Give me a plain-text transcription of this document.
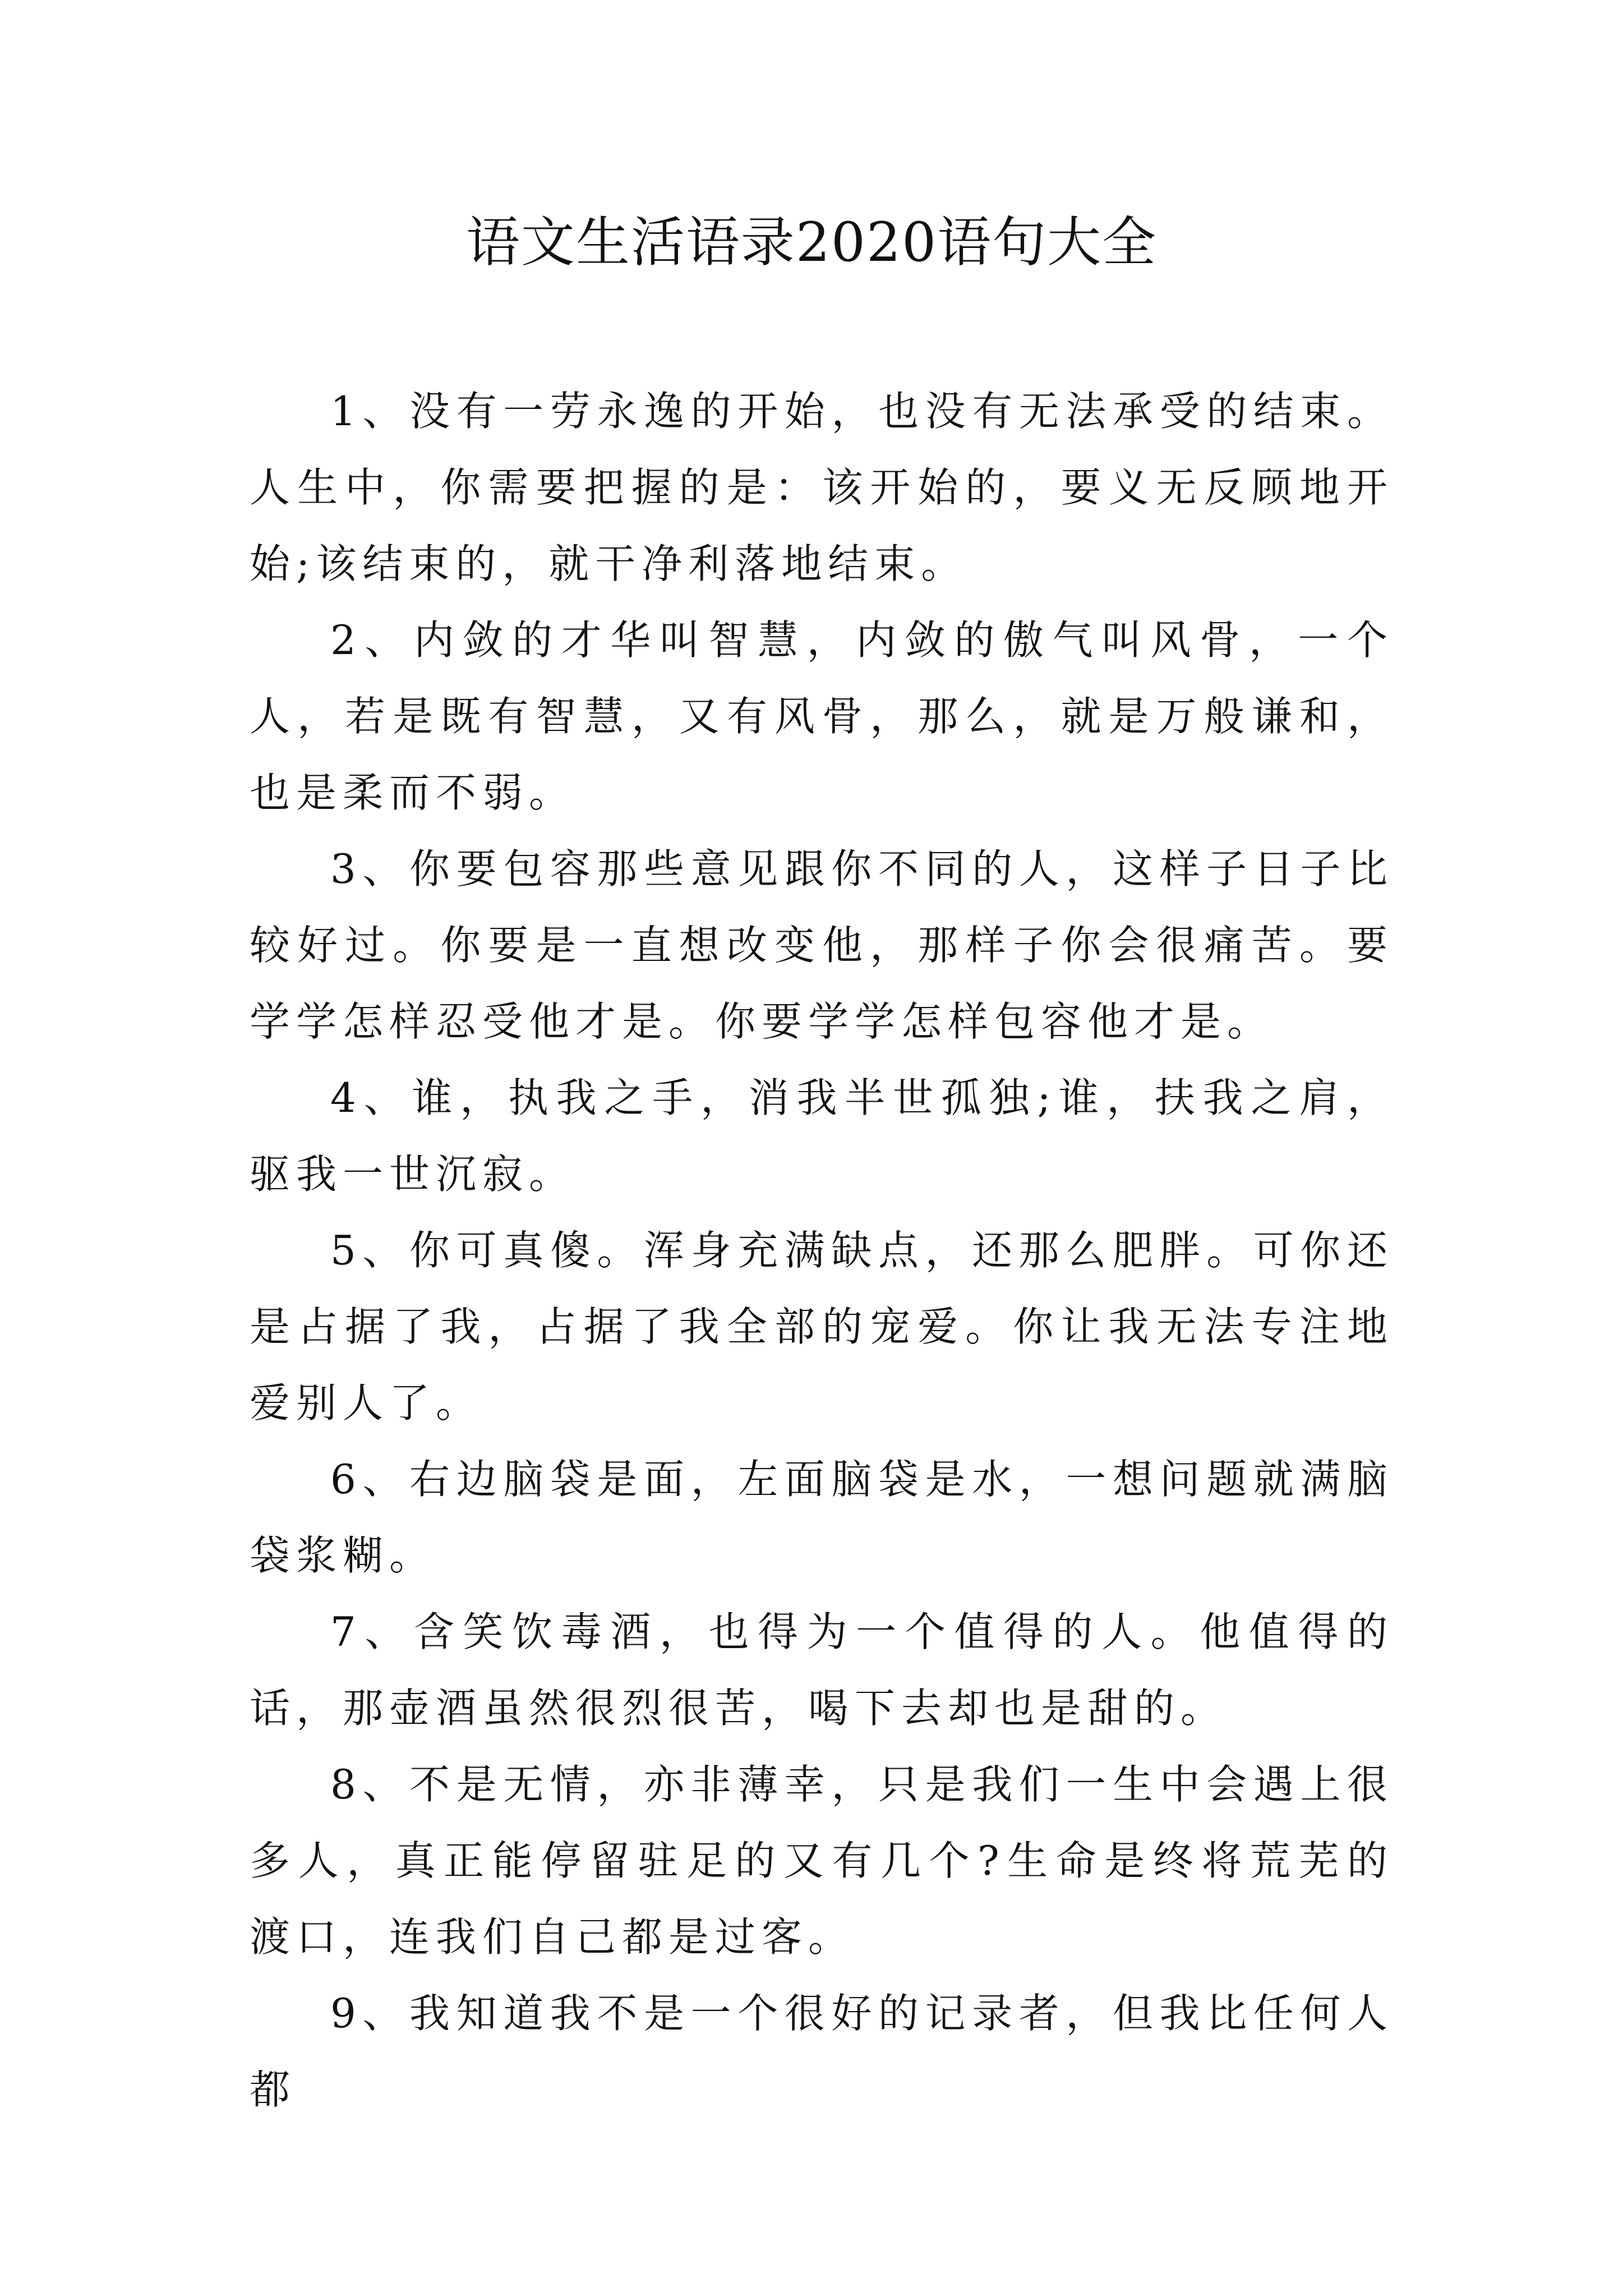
语文生活语录2020语句大全

1、没有一劳永逸的开始，也没有无法承受的结束。人生中，你需要把握的是：该开始的，要义无反顾地开始;该结束的，就干净利落地结束。

2、内敛的才华叫智慧，内敛的傲气叫风骨，一个人，若是既有智慧，又有风骨，那么，就是万般谦和，也是柔而不弱。

3、你要包容那些意见跟你不同的人，这样子日子比较好过。你要是一直想改变他，那样子你会很痛苦。要学学怎样忍受他才是。你要学学怎样包容他才是。

4、谁，执我之手，消我半世孤独;谁，扶我之肩，驱我一世沉寂。

5、你可真傻。浑身充满缺点，还那么肥胖。可你还是占据了我，占据了我全部的宠爱。你让我无法专注地爱别人了。

6、右边脑袋是面，左面脑袋是水，一想问题就满脑袋浆糊。

7、含笑饮毒酒，也得为一个值得的人。他值得的话，那壶酒虽然很烈很苦，喝下去却也是甜的。

8、不是无情，亦非薄幸，只是我们一生中会遇上很多人，真正能停留驻足的又有几个?生命是终将荒芜的渡口，连我们自己都是过客。

9、我知道我不是一个很好的记录者，但我比任何人都
